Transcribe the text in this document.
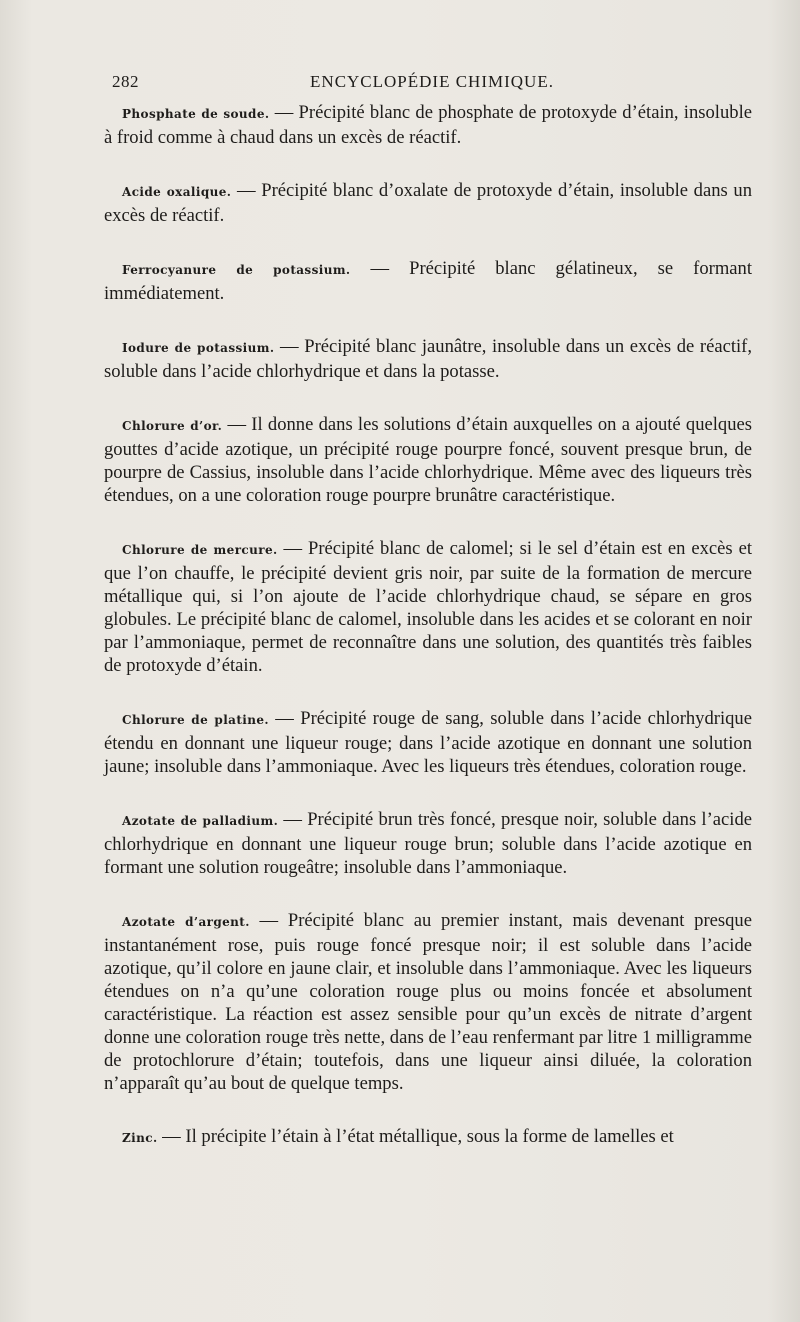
282	ENCYCLOPÉDIE CHIMIQUE.

Phosphate de soude. — Précipité blanc de phosphate de protoxyde d’étain, insoluble à froid comme à chaud dans un excès de réactif.

Acide oxalique. — Précipité blanc d’oxalate de protoxyde d’étain, insoluble dans un excès de réactif.

Ferrocyanure de potassium. — Précipité blanc gélatineux, se formant immédiatement.

Iodure de potassium. — Précipité blanc jaunâtre, insoluble dans un excès de réactif, soluble dans l’acide chlorhydrique et dans la potasse.

Chlorure d’or. — Il donne dans les solutions d’étain auxquelles on a ajouté quelques gouttes d’acide azotique, un précipité rouge pourpre foncé, souvent presque brun, de pourpre de Cassius, insoluble dans l’acide chlorhydrique. Même avec des liqueurs très étendues, on a une coloration rouge pourpre brunâtre caractéristique.

Chlorure de mercure. — Précipité blanc de calomel; si le sel d’étain est en excès et que l’on chauffe, le précipité devient gris noir, par suite de la formation de mercure métallique qui, si l’on ajoute de l’acide chlorhydrique chaud, se sépare en gros globules. Le précipité blanc de calomel, insoluble dans les acides et se colorant en noir par l’ammoniaque, permet de reconnaître dans une solution, des quantités très faibles de protoxyde d’étain.

Chlorure de platine. — Précipité rouge de sang, soluble dans l’acide chlorhydrique étendu en donnant une liqueur rouge; dans l’acide azotique en donnant une solution jaune; insoluble dans l’ammoniaque. Avec les liqueurs très étendues, coloration rouge.

Azotate de palladium. — Précipité brun très foncé, presque noir, soluble dans l’acide chlorhydrique en donnant une liqueur rouge brun; soluble dans l’acide azotique en formant une solution rougeâtre; insoluble dans l’ammoniaque.

Azotate d’argent. — Précipité blanc au premier instant, mais devenant presque instantanément rose, puis rouge foncé presque noir; il est soluble dans l’acide azotique, qu’il colore en jaune clair, et insoluble dans l’ammoniaque. Avec les liqueurs étendues on n’a qu’une coloration rouge plus ou moins foncée et absolument caractéristique. La réaction est assez sensible pour qu’un excès de nitrate d’argent donne une coloration rouge très nette, dans de l’eau renfermant par litre 1 milligramme de protochlorure d’étain; toutefois, dans une liqueur ainsi diluée, la coloration n’apparaît qu’au bout de quelque temps.

Zinc. — Il précipite l’étain à l’état métallique, sous la forme de lamelles et
